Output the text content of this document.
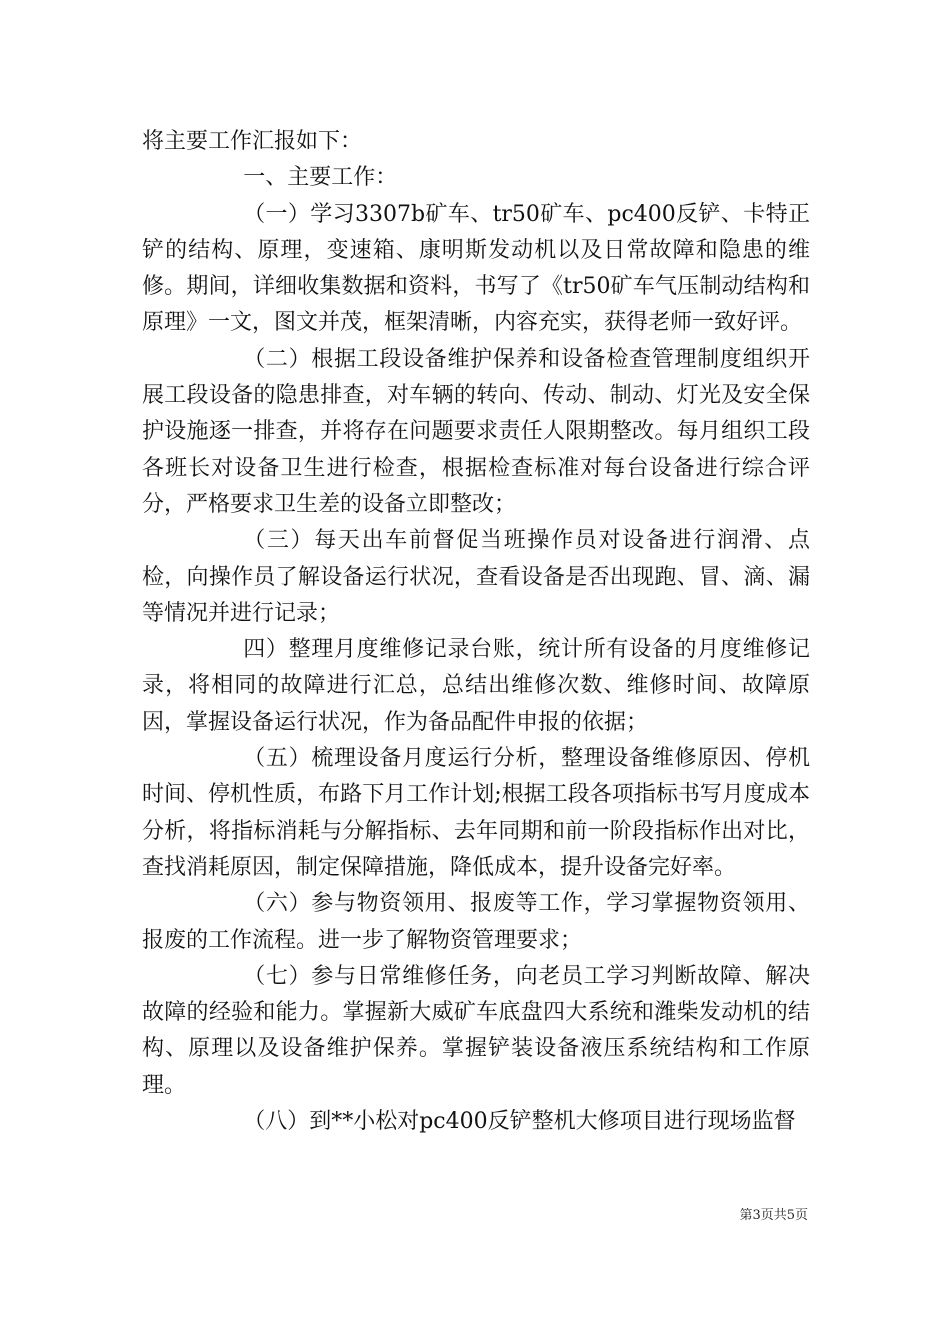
将主要工作汇报如下：

一、主要工作：

（一）学习3307b矿车、tr50矿车、pc400反铲、卡特正铲的结构、原理，变速箱、康明斯发动机以及日常故障和隐患的维修。期间，详细收集数据和资料，书写了《tr50矿车气压制动结构和原理》一文，图文并茂，框架清晰，内容充实，获得老师一致好评。

（二）根据工段设备维护保养和设备检查管理制度组织开展工段设备的隐患排查，对车辆的转向、传动、制动、灯光及安全保护设施逐一排查，并将存在问题要求责任人限期整改。每月组织工段各班长对设备卫生进行检查，根据检查标准对每台设备进行综合评分，严格要求卫生差的设备立即整改；

（三）每天出车前督促当班操作员对设备进行润滑、点检，向操作员了解设备运行状况，查看设备是否出现跑、冒、滴、漏等情况并进行记录；

四）整理月度维修记录台账，统计所有设备的月度维修记录，将相同的故障进行汇总，总结出维修次数、维修时间、故障原因，掌握设备运行状况，作为备品配件申报的依据；

（五）梳理设备月度运行分析，整理设备维修原因、停机时间、停机性质，布路下月工作计划;根据工段各项指标书写月度成本分析，将指标消耗与分解指标、去年同期和前一阶段指标作出对比，查找消耗原因，制定保障措施，降低成本，提升设备完好率。

（六）参与物资领用、报废等工作，学习掌握物资领用、报废的工作流程。进一步了解物资管理要求；

（七）参与日常维修任务，向老员工学习判断故障、解决故障的经验和能力。掌握新大威矿车底盘四大系统和潍柴发动机的结构、原理以及设备维护保养。掌握铲装设备液压系统结构和工作原理。

（八）到**小松对pc400反铲整机大修项目进行现场监督

第3页共5页
